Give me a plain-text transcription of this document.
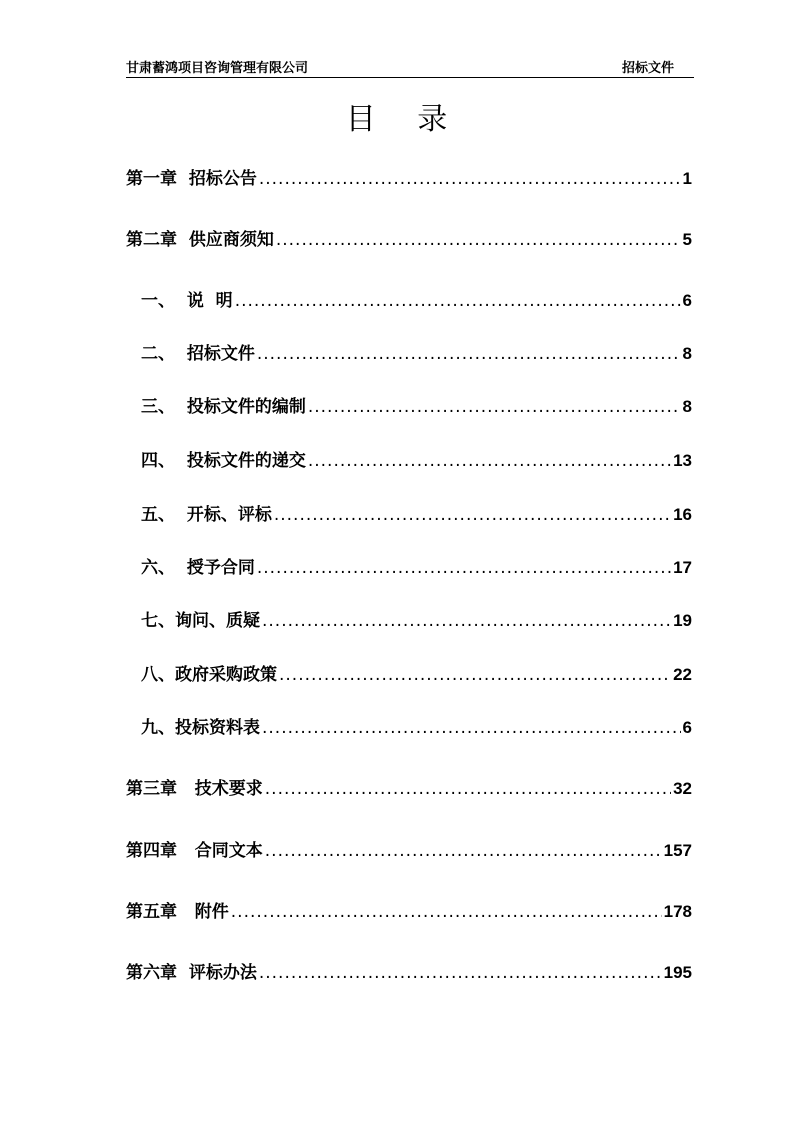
甘肃蓄鸿项目咨询管理有限公司	招标文件
目 录
第一章  招标公告 .....	1
第二章  供应商须知 .....	5
一、  说  明 .....	6
二、  招标文件 .....	8
三、  投标文件的编制 .....	8
四、  投标文件的递交 .....	13
五、  开标、评标 .....	16
六、  授予合同 .....	17
七、询问、质疑 .....	19
八、政府采购政策 .....	22
九、投标资料表 .....	6
第三章   技术要求 .....	32
第四章   合同文本 .....	157
第五章   附件 .....	178
第六章  评标办法 .....	195
